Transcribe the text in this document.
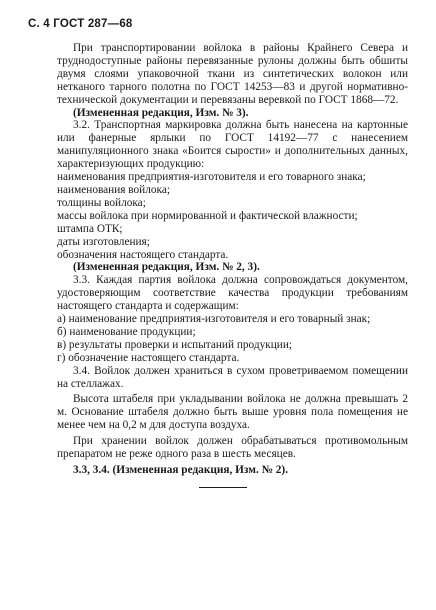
С. 4 ГОСТ 287—68

При транспортировании войлока в районы Крайнего Севера и труднодоступные районы перевязанные рулоны должны быть обшиты двумя слоями упаковочной ткани из синтетических волокон или нетканого тарного полотна по ГОСТ 14253—83 и другой нормативно-технической документации и перевязаны веревкой по ГОСТ 1868—72.

(Измененная редакция, Изм. № 3).

3.2. Транспортная маркировка должна быть нанесена на картонные или фанерные ярлыки по ГОСТ 14192—77 с нанесением манипуляционного знака «Боится сырости» и дополнительных данных, характеризующих продукцию:

наименования предприятия-изготовителя и его товарного знака;

наименования войлока;

толщины войлока;

массы войлока при нормированной и фактической влажности;

штампа ОТК;

даты изготовления;

обозначения настоящего стандарта.

(Измененная редакция, Изм. № 2, 3).

3.3. Каждая партия войлока должна сопровождаться документом, удостоверяющим соответствие качества продукции требованиям настоящего стандарта и содержащим:

а) наименование предприятия-изготовителя и его товарный знак;

б) наименование продукции;

в) результаты проверки и испытаний продукции;

г) обозначение настоящего стандарта.

3.4. Войлок должен храниться в сухом проветриваемом помещении на стеллажах.

Высота штабеля при укладывании войлока не должна превышать 2 м. Основание штабеля должно быть выше уровня пола помещения не менее чем на 0,2 м для доступа воздуха.

При хранении войлок должен обрабатываться противомольным препаратом не реже одного раза в шесть месяцев.

3.3, 3.4. (Измененная редакция, Изм. № 2).
